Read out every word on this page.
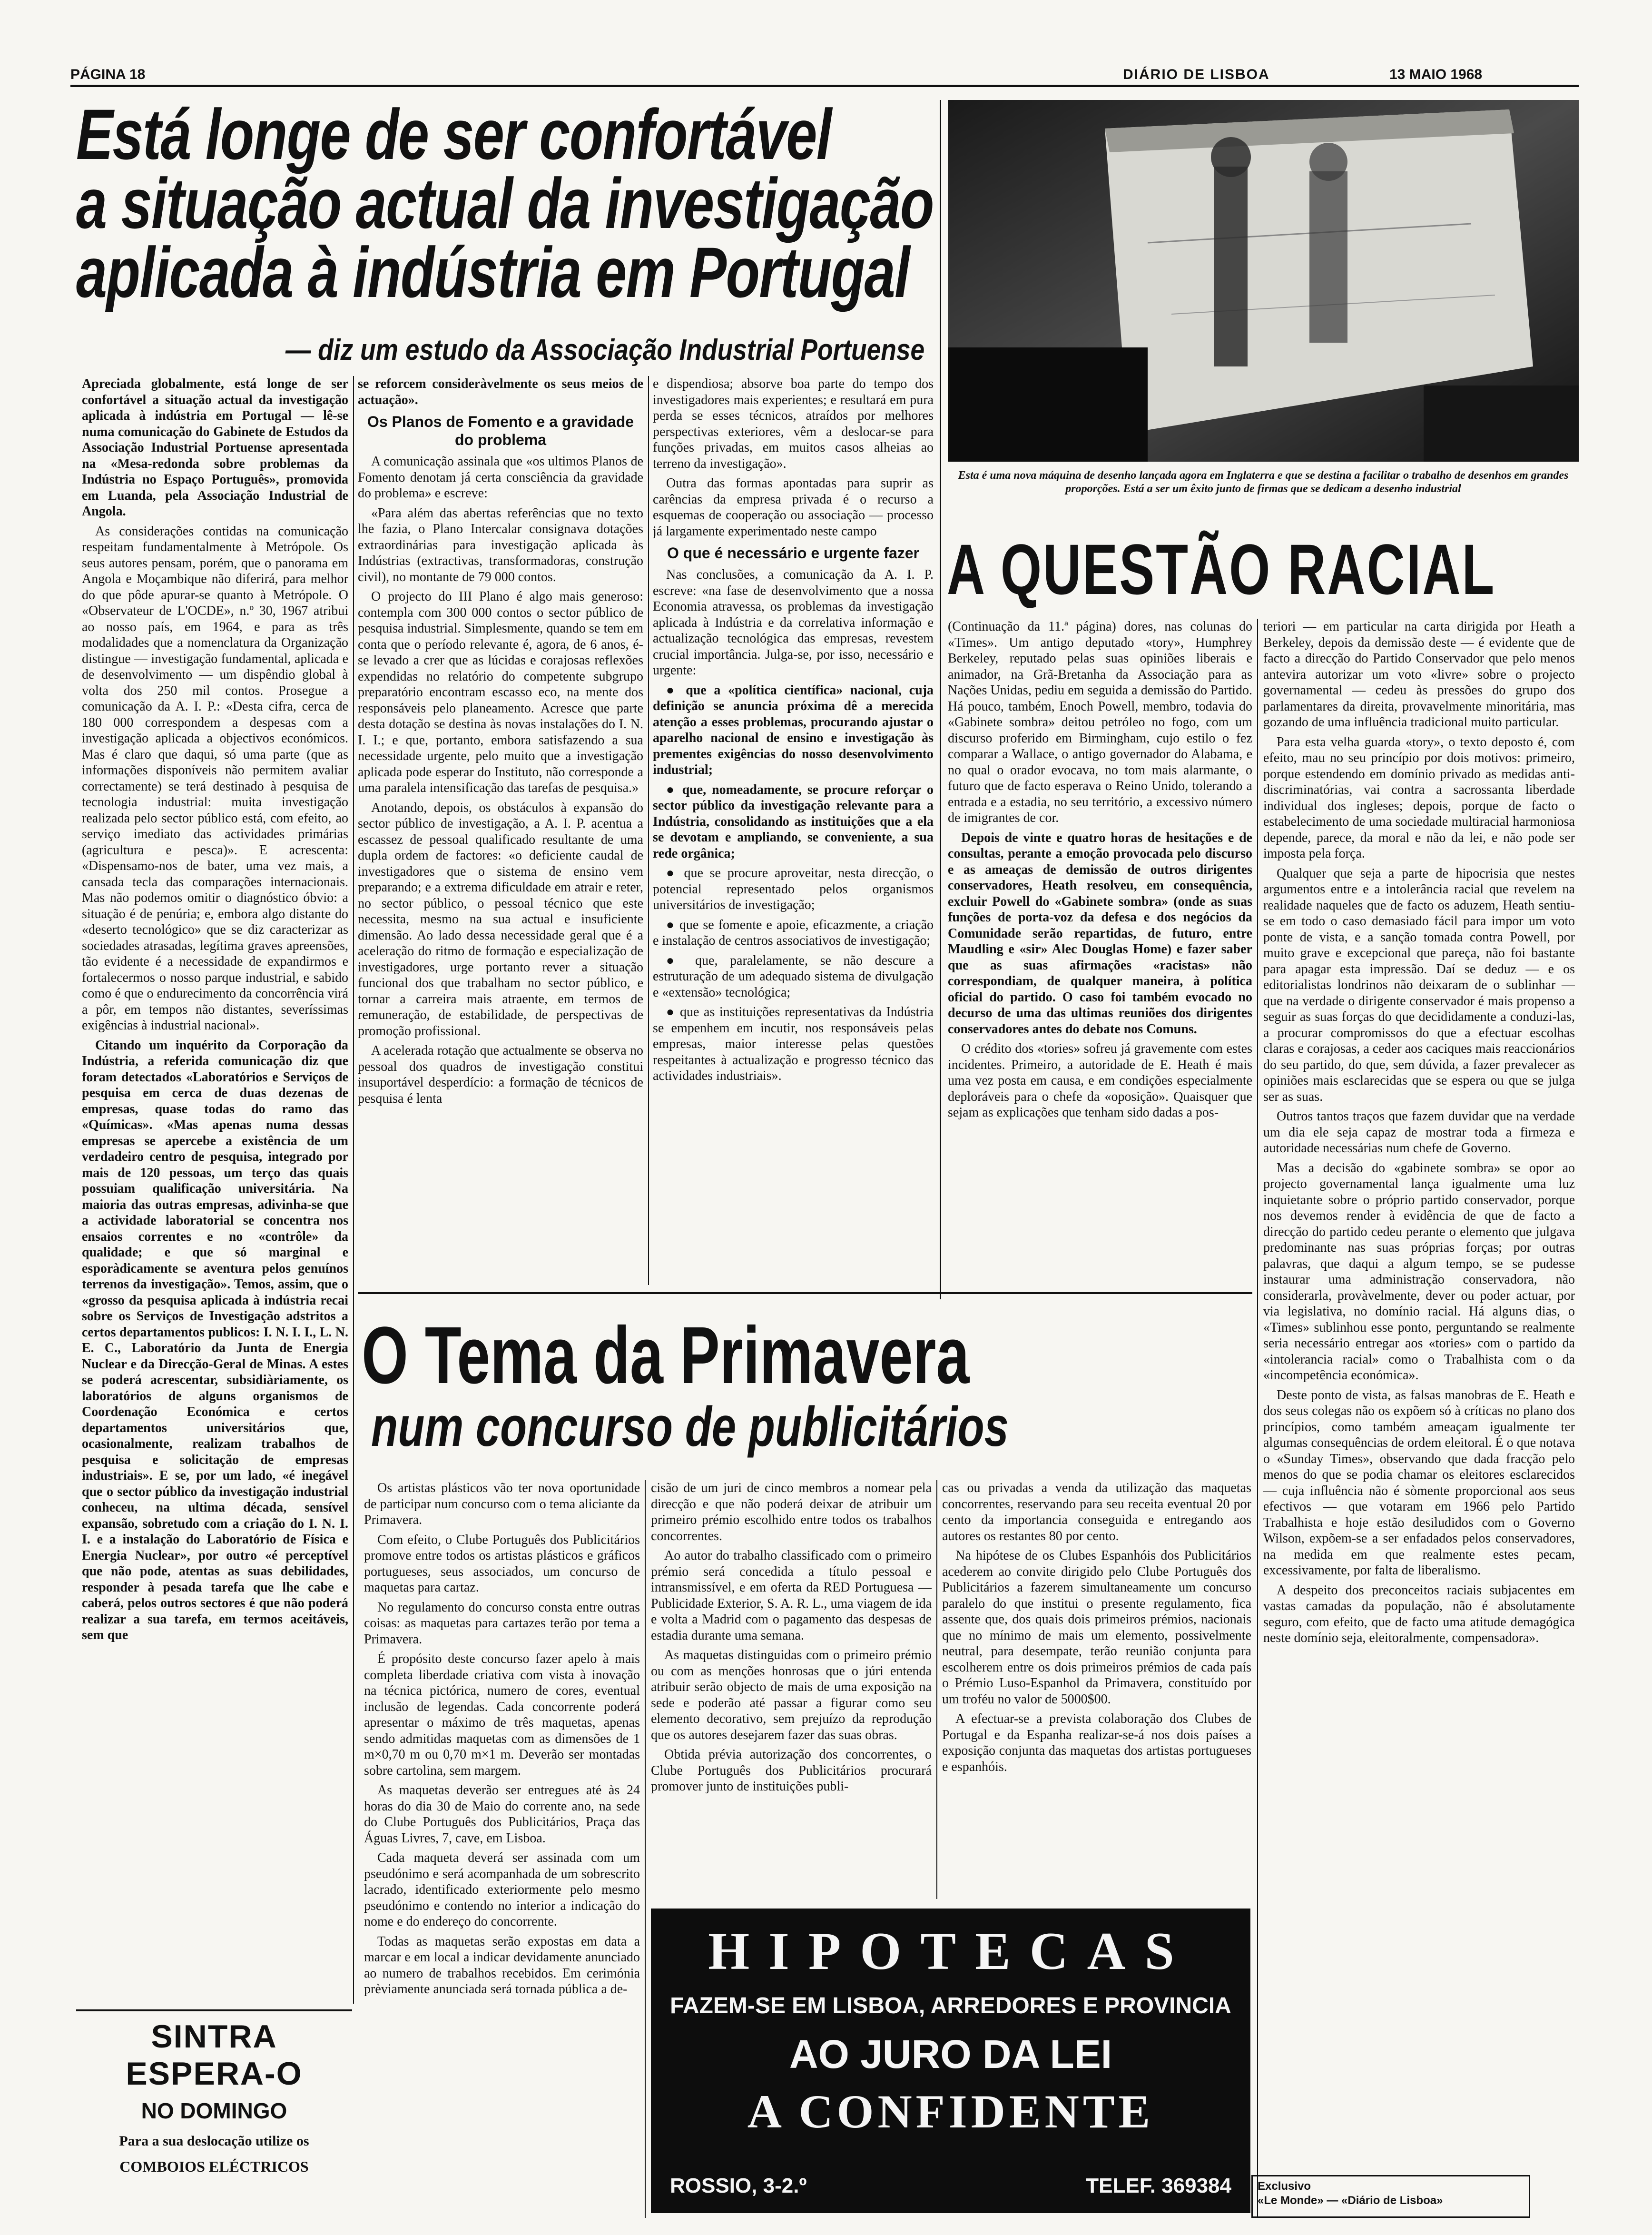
PÁGINA 18	DIÁRIO DE LISBOA	13 MAIO 1968
Está longe de ser confortável
a situação actual da investigação
aplicada à indústria em Portugal
— diz um estudo da Associação Industrial Portuense

Apreciada globalmente, está longe de ser confortável a situação actual da investigação aplicada à indústria em Portugal — lê-se numa comunicação do Gabinete de Estudos da Associação Industrial Portuense apresentada na «Mesa-redonda sobre problemas da Indústria no Espaço Português», promovida em Luanda, pela Associação Industrial de Angola.

As considerações contidas na comunicação respeitam fundamentalmente à Metrópole. Os seus autores pensam, porém, que o panorama em Angola e Moçambique não diferirá, para melhor do que pôde apurar-se quanto à Metrópole. O «Observateur de L'OCDE», n.º 30, 1967 atribui ao nosso país, em 1964, e para as três modalidades que a nomenclatura da Organização distingue — investigação fundamental, aplicada e de desenvolvimento — um dispêndio global à volta dos 250 mil contos. Prosegue a comunicação da A. I. P.: «Desta cifra, cerca de 180 000 correspondem a despesas com a investigação aplicada a objectivos económicos. Mas é claro que daqui, só uma parte (que as informações disponíveis não permitem avaliar correctamente) se terá destinado à pesquisa de tecnologia industrial: muita investigação realizada pelo sector público está, com efeito, ao serviço imediato das actividades primárias (agricultura e pesca)». E acrescenta: «Dispensamo-nos de bater, uma vez mais, a cansada tecla das comparações internacionais. Mas não podemos omitir o diagnóstico óbvio: a situação é de penúria; e, embora algo distante do «deserto tecnológico» que se diz caracterizar as sociedades atrasadas, legítima graves apreensões, tão evidente é a necessidade de expandirmos e fortalecermos o nosso parque industrial, e sabido como é que o endurecimento da concorrência virá a pôr, em tempos não distantes, severíssimas exigências à industrial nacional».

Citando um inquérito da Corporação da Indústria, a referida comunicação diz que foram detectados «Laboratórios e Serviços de pesquisa em cerca de duas dezenas de empresas, quase todas do ramo das «Químicas». «Mas apenas numa dessas empresas se apercebe a existência de um verdadeiro centro de pesquisa, integrado por mais de 120 pessoas, um terço das quais possuiam qualificação universitária. Na maioria das outras empresas, adivinha-se que a actividade laboratorial se concentra nos ensaios correntes e no «contrôle» da qualidade; e que só marginal e esporàdicamente se aventura pelos genuínos terrenos da investigação». Temos, assim, que o «grosso da pesquisa aplicada à indústria recai sobre os Serviços de Investigação adstritos a certos departamentos publicos: I. N. I. I., L. N. E. C., Laboratório da Junta de Energia Nuclear e da Direcção-Geral de Minas. A estes se poderá acrescentar, subsidiàriamente, os laboratórios de alguns organismos de Coordenação Económica e certos departamentos universitários que, ocasionalmente, realizam trabalhos de pesquisa e solicitação de empresas industriais». E se, por um lado, «é inegável que o sector público da investigação industrial conheceu, na ultima década, sensível expansão, sobretudo com a criação do I. N. I. I. e a instalação do Laboratório de Física e Energia Nuclear», por outro «é perceptível que não pode, atentas as suas debilidades, responder à pesada tarefa que lhe cabe e caberá, pelos outros sectores é que não poderá realizar a sua tarefa, em termos aceitáveis, sem que

se reforcem consideràvelmente os seus meios de actuação».

Os Planos de Fomento e a gravidade do problema

A comunicação assinala que «os ultimos Planos de Fomento denotam já certa consciência da gravidade do problema» e escreve:

«Para além das abertas referências que no texto lhe fazia, o Plano Intercalar consignava dotações extraordinárias para investigação aplicada às Indústrias (extractivas, transformadoras, construção civil), no montante de 79 000 contos.

O projecto do III Plano é algo mais generoso: contempla com 300 000 contos o sector público de pesquisa industrial. Simplesmente, quando se tem em conta que o período relevante é, agora, de 6 anos, é-se levado a crer que as lúcidas e corajosas reflexões expendidas no relatório do competente subgrupo preparatório encontram escasso eco, na mente dos responsáveis pelo planeamento. Acresce que parte desta dotação se destina às novas instalações do I. N. I. I.; e que, portanto, embora satisfazendo a sua necessidade urgente, pelo muito que a investigação aplicada pode esperar do Instituto, não corresponde a uma paralela intensificação das tarefas de pesquisa.»

Anotando, depois, os obstáculos à expansão do sector público de investigação, a A. I. P. acentua a escassez de pessoal qualificado resultante de uma dupla ordem de factores: «o deficiente caudal de investigadores que o sistema de ensino vem preparando; e a extrema dificuldade em atrair e reter, no sector público, o pessoal técnico que este necessita, mesmo na sua actual e insuficiente dimensão. Ao lado dessa necessidade geral que é a aceleração do ritmo de formação e especialização de investigadores, urge portanto rever a situação funcional dos que trabalham no sector público, e tornar a carreira mais atraente, em termos de remuneração, de estabilidade, de perspectivas de promoção profissional.

A acelerada rotação que actualmente se observa no pessoal dos quadros de investigação constitui insuportável desperdício: a formação de técnicos de pesquisa é lenta

e dispendiosa; absorve boa parte do tempo dos investigadores mais experientes; e resultará em pura perda se esses técnicos, atraídos por melhores perspectivas exteriores, vêm a deslocar-se para funções privadas, em muitos casos alheias ao terreno da investigação».

Outra das formas apontadas para suprir as carências da empresa privada é o recurso a esquemas de cooperação ou associação — processo já largamente experimentado neste campo

O que é necessário e urgente fazer

Nas conclusões, a comunicação da A. I. P. escreve: «na fase de desenvolvimento que a nossa Economia atravessa, os problemas da investigação aplicada à Indústria e da correlativa informação e actualização tecnológica das empresas, revestem crucial importância. Julga-se, por isso, necessário e urgente:

● que a «política científica» nacional, cuja definição se anuncia próxima dê a merecida atenção a esses problemas, procurando ajustar o aparelho nacional de ensino e investigação às prementes exigências do nosso desenvolvimento industrial;

● que, nomeadamente, se procure reforçar o sector público da investigação relevante para a Indústria, consolidando as instituições que a ela se devotam e ampliando, se conveniente, a sua rede orgânica;

● que se procure aproveitar, nesta direcção, o potencial representado pelos organismos universitários de investigação;

● que se fomente e apoie, eficazmente, a criação e instalação de centros associativos de investigação;

● que, paralelamente, se não descure a estruturação de um adequado sistema de divulgação e «extensão» tecnológica;

● que as instituições representativas da Indústria se empenhem em incutir, nos responsáveis pelas empresas, maior interesse pelas questões respeitantes à actualização e progresso técnico das actividades industriais».

Esta é uma nova máquina de desenho lançada agora em Inglaterra e que se destina a facilitar o trabalho de desenhos em grandes proporções. Está a ser um êxito junto de firmas que se dedicam a desenho industrial
A QUESTÃO RACIAL

(Continuação da 11.ª página) dores, nas colunas do «Times». Um antigo deputado «tory», Humphrey Berkeley, reputado pelas suas opiniões liberais e animador, na Grã-Bretanha da Associação para as Nações Unidas, pediu em seguida a demissão do Partido. Há pouco, também, Enoch Powell, membro, todavia do «Gabinete sombra» deitou petróleo no fogo, com um discurso proferido em Birmingham, cujo estilo o fez comparar a Wallace, o antigo governador do Alabama, e no qual o orador evocava, no tom mais alarmante, o futuro que de facto esperava o Reino Unido, tolerando a entrada e a estadia, no seu território, a excessivo número de imigrantes de cor.

Depois de vinte e quatro horas de hesitações e de consultas, perante a emoção provocada pelo discurso e as ameaças de demissão de outros dirigentes conservadores, Heath resolveu, em consequência, excluir Powell do «Gabinete sombra» (onde as suas funções de porta-voz da defesa e dos negócios da Comunidade serão repartidas, de futuro, entre Maudling e «sir» Alec Douglas Home) e fazer saber que as suas afirmações «racistas» não correspondiam, de qualquer maneira, à política oficial do partido. O caso foi também evocado no decurso de uma das ultimas reuniões dos dirigentes conservadores antes do debate nos Comuns.

O crédito dos «tories» sofreu já gravemente com estes incidentes. Primeiro, a autoridade de E. Heath é mais uma vez posta em causa, e em condições especialmente deploráveis para o chefe da «oposição». Quaisquer que sejam as explicações que tenham sido dadas a pos-

teriori — em particular na carta dirigida por Heath a Berkeley, depois da demissão deste — é evidente que de facto a direcção do Partido Conservador que pelo menos antevira autorizar um voto «livre» sobre o projecto governamental — cedeu às pressões do grupo dos parlamentares da direita, provavelmente minoritária, mas gozando de uma influência tradicional muito particular.

Para esta velha guarda «tory», o texto deposto é, com efeito, mau no seu princípio por dois motivos: primeiro, porque estendendo em domínio privado as medidas anti-discriminatórias, vai contra a sacrossanta liberdade individual dos ingleses; depois, porque de facto o estabelecimento de uma sociedade multiracial harmoniosa depende, parece, da moral e não da lei, e não pode ser imposta pela força.

Qualquer que seja a parte de hipocrisia que nestes argumentos entre e a intolerância racial que revelem na realidade naqueles que de facto os aduzem, Heath sentiu-se em todo o caso demasiado fácil para impor um voto ponte de vista, e a sanção tomada contra Powell, por muito grave e excepcional que pareça, não foi bastante para apagar esta impressão. Daí se deduz — e os editorialistas londrinos não deixaram de o sublinhar — que na verdade o dirigente conservador é mais propenso a seguir as suas forças do que decididamente a conduzi-las, a procurar compromissos do que a efectuar escolhas claras e corajosas, a ceder aos caciques mais reaccionários do seu partido, do que, sem dúvida, a fazer prevalecer as opiniões mais esclarecidas que se espera ou que se julga ser as suas.

Outros tantos traços que fazem duvidar que na verdade um dia ele seja capaz de mostrar toda a firmeza e autoridade necessárias num chefe de Governo.

Mas a decisão do «gabinete sombra» se opor ao projecto governamental lança igualmente uma luz inquietante sobre o próprio partido conservador, porque nos devemos render à evidência de que de facto a direcção do partido cedeu perante o elemento que julgava predominante nas suas próprias forças; por outras palavras, que daqui a algum tempo, se se pudesse instaurar uma administração conservadora, não considerarla, provàvelmente, dever ou poder actuar, por via legislativa, no domínio racial. Há alguns dias, o «Times» sublinhou esse ponto, perguntando se realmente seria necessário entregar aos «tories» com o partido da «intolerancia racial» como o Trabalhista com o da «incompetência económica».

Deste ponto de vista, as falsas manobras de E. Heath e dos seus colegas não os expõem só à críticas no plano dos princípios, como também ameaçam igualmente ter algumas consequências de ordem eleitoral. É o que notava o «Sunday Times», observando que dada fracção pelo menos do que se podia chamar os eleitores esclarecidos — cuja influência não é sòmente proporcional aos seus efectivos — que votaram em 1966 pelo Partido Trabalhista e hoje estão desiludidos com o Governo Wilson, expõem-se a ser enfadados pelos conservadores, na medida em que realmente estes pecam, excessivamente, por falta de liberalismo.

A despeito dos preconceitos raciais subjacentes em vastas camadas da população, não é absolutamente seguro, com efeito, que de facto uma atitude demagógica neste domínio seja, eleitoralmente, compensadora».

Exclusivo
«Le Monde» — «Diário de Lisboa»
O Tema da Primavera
num concurso de publicitários

Os artistas plásticos vão ter nova oportunidade de participar num concurso com o tema aliciante da Primavera.

Com efeito, o Clube Português dos Publicitários promove entre todos os artistas plásticos e gráficos portugueses, seus associados, um concurso de maquetas para cartaz.

No regulamento do concurso consta entre outras coisas: as maquetas para cartazes terão por tema a Primavera.

É propósito deste concurso fazer apelo à mais completa liberdade criativa com vista à inovação na técnica pictórica, numero de cores, eventual inclusão de legendas. Cada concorrente poderá apresentar o máximo de três maquetas, apenas sendo admitidas maquetas com as dimensões de 1 m×0,70 m ou 0,70 m×1 m. Deverão ser montadas sobre cartolina, sem margem.

As maquetas deverão ser entregues até às 24 horas do dia 30 de Maio do corrente ano, na sede do Clube Português dos Publicitários, Praça das Águas Livres, 7, cave, em Lisboa.

Cada maqueta deverá ser assinada com um pseudónimo e será acompanhada de um sobrescrito lacrado, identificado exteriormente pelo mesmo pseudónimo e contendo no interior a indicação do nome e do endereço do concorrente.

Todas as maquetas serão expostas em data a marcar e em local a indicar devidamente anunciado ao numero de trabalhos recebidos. Em cerimónia prèviamente anunciada será tornada pública a de-

cisão de um juri de cinco membros a nomear pela direcção e que não poderá deixar de atribuir um primeiro prémio escolhido entre todos os trabalhos concorrentes.

Ao autor do trabalho classificado com o primeiro prémio será concedida a título pessoal e intransmissível, e em oferta da RED Portuguesa — Publicidade Exterior, S. A. R. L., uma viagem de ida e volta a Madrid com o pagamento das despesas de estadia durante uma semana.

As maquetas distinguidas com o primeiro prémio ou com as menções honrosas que o júri entenda atribuir serão objecto de mais de uma exposição na sede e poderão até passar a figurar como seu elemento decorativo, sem prejuízo da reprodução que os autores desejarem fazer das suas obras.

Obtida prévia autorização dos concorrentes, o Clube Português dos Publicitários procurará promover junto de instituições publi-

cas ou privadas a venda da utilização das maquetas concorrentes, reservando para seu receita eventual 20 por cento da importancia conseguida e entregando aos autores os restantes 80 por cento.

Na hipótese de os Clubes Espanhóis dos Publicitários acederem ao convite dirigido pelo Clube Português dos Publicitários a fazerem simultaneamente um concurso paralelo do que institui o presente regulamento, fica assente que, dos quais dois primeiros prémios, nacionais que no mínimo de mais um elemento, possivelmente neutral, para desempate, terão reunião conjunta para escolherem entre os dois primeiros prémios de cada país o Prémio Luso-Espanhol da Primavera, constituído por um troféu no valor de 5000$00.

A efectuar-se a prevista colaboração dos Clubes de Portugal e da Espanha realizar-se-á nos dois países a exposição conjunta das maquetas dos artistas portugueses e espanhóis.

HIPOTECAS
FAZEM-SE EM LISBOA, ARREDORES E PROVINCIA
AO JURO DA LEI
A CONFIDENTE
ROSSIO, 3-2.º	TELEF. 369384
SINTRA ESPERA-O
NO DOMINGO
Para a sua deslocação utilize os
COMBOIOS ELÉCTRICOS
